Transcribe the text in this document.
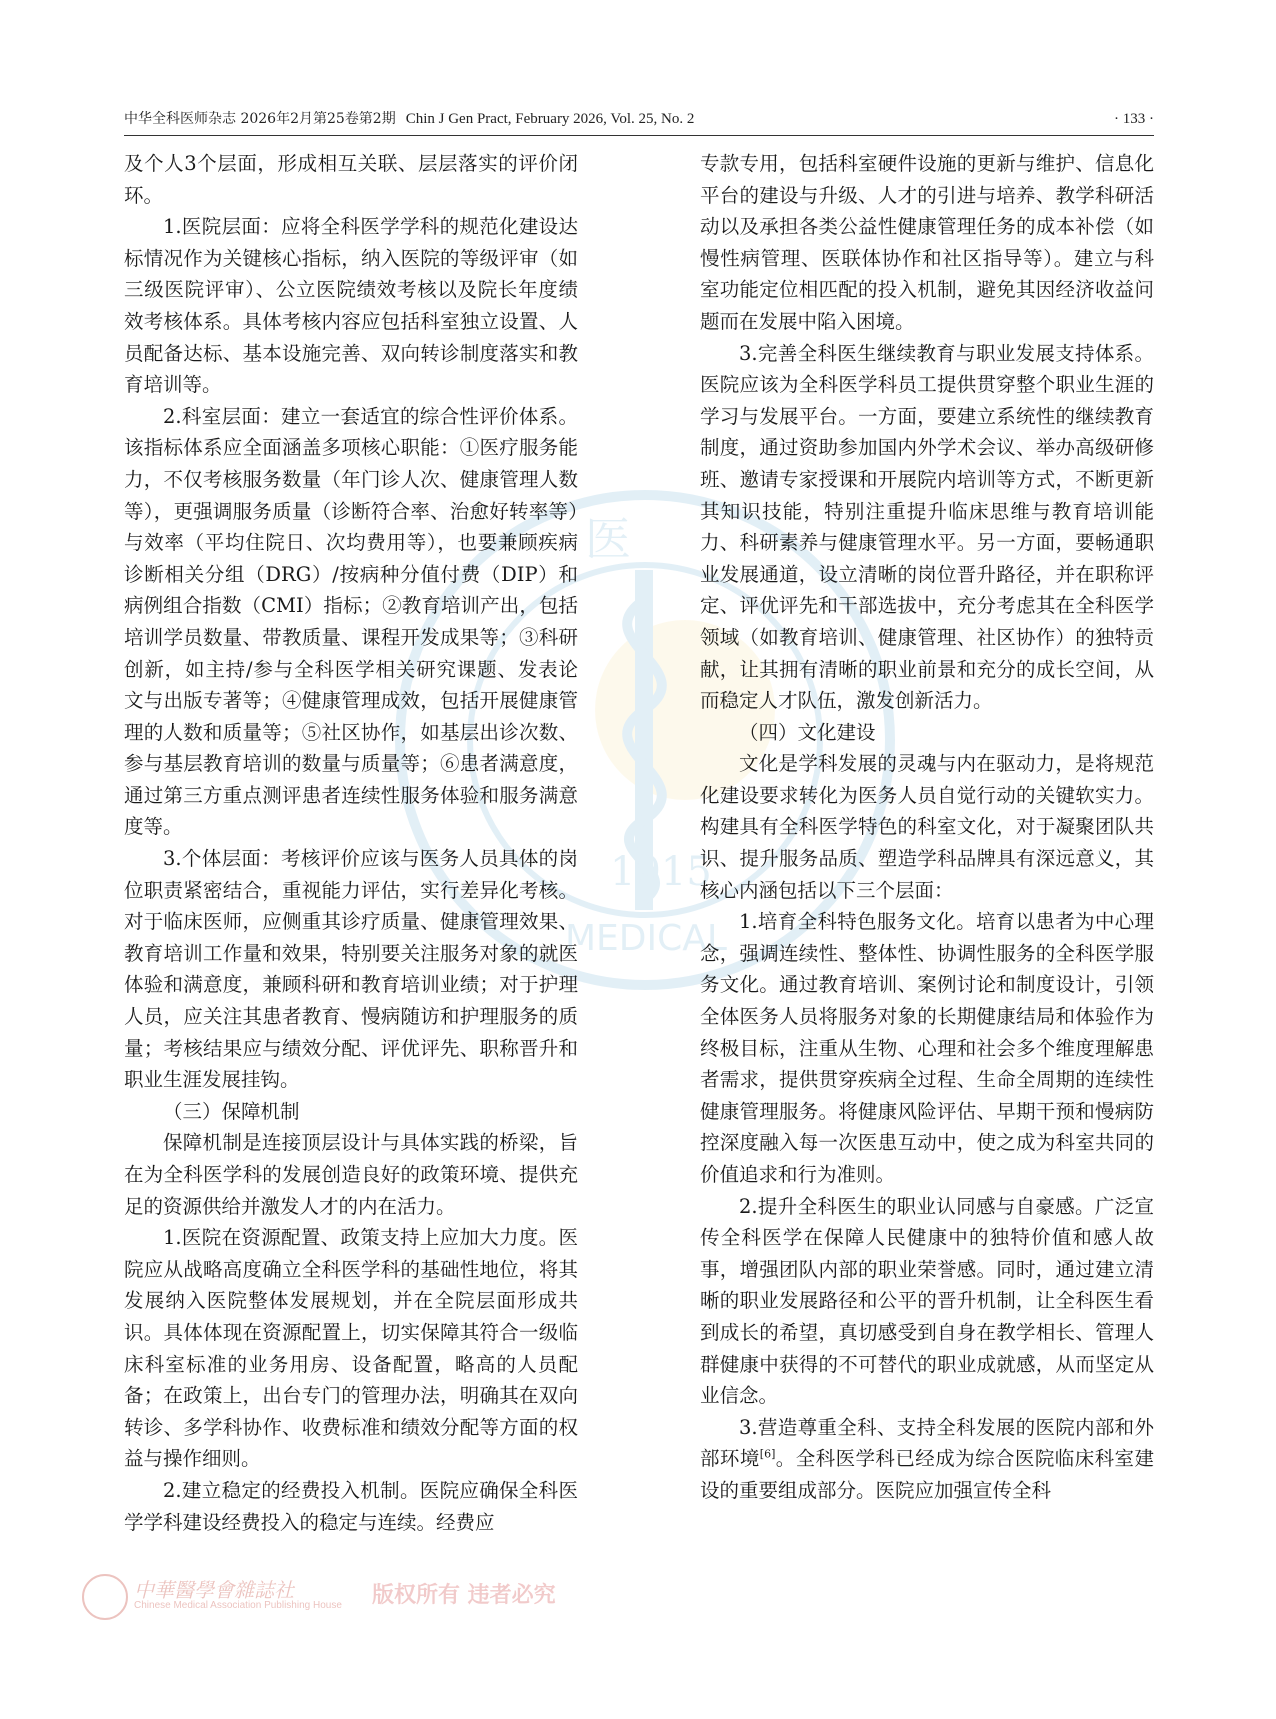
中华全科医师杂志 2026年2月第25卷第2期 Chin J Gen Pract, February 2026, Vol. 25, No. 2	· 133 ·
医
1915
MEDICAL

及个人3个层面，形成相互关联、层层落实的评价闭环。

1.医院层面：应将全科医学学科的规范化建设达标情况作为关键核心指标，纳入医院的等级评审（如三级医院评审）、公立医院绩效考核以及院长年度绩效考核体系。具体考核内容应包括科室独立设置、人员配备达标、基本设施完善、双向转诊制度落实和教育培训等。

2.科室层面：建立一套适宜的综合性评价体系。该指标体系应全面涵盖多项核心职能：①医疗服务能力，不仅考核服务数量（年门诊人次、健康管理人数等），更强调服务质量（诊断符合率、治愈好转率等）与效率（平均住院日、次均费用等），也要兼顾疾病诊断相关分组（DRG）/按病种分值付费（DIP）和病例组合指数（CMI）指标；②教育培训产出，包括培训学员数量、带教质量、课程开发成果等；③科研创新，如主持/参与全科医学相关研究课题、发表论文与出版专著等；④健康管理成效，包括开展健康管理的人数和质量等；⑤社区协作，如基层出诊次数、参与基层教育培训的数量与质量等；⑥患者满意度，通过第三方重点测评患者连续性服务体验和服务满意度等。

3.个体层面：考核评价应该与医务人员具体的岗位职责紧密结合，重视能力评估，实行差异化考核。对于临床医师，应侧重其诊疗质量、健康管理效果、教育培训工作量和效果，特别要关注服务对象的就医体验和满意度，兼顾科研和教育培训业绩；对于护理人员，应关注其患者教育、慢病随访和护理服务的质量；考核结果应与绩效分配、评优评先、职称晋升和职业生涯发展挂钩。

（三）保障机制

保障机制是连接顶层设计与具体实践的桥梁，旨在为全科医学科的发展创造良好的政策环境、提供充足的资源供给并激发人才的内在活力。

1.医院在资源配置、政策支持上应加大力度。医院应从战略高度确立全科医学科的基础性地位，将其发展纳入医院整体发展规划，并在全院层面形成共识。具体体现在资源配置上，切实保障其符合一级临床科室标准的业务用房、设备配置，略高的人员配备；在政策上，出台专门的管理办法，明确其在双向转诊、多学科协作、收费标准和绩效分配等方面的权益与操作细则。

2.建立稳定的经费投入机制。医院应确保全科医学学科建设经费投入的稳定与连续。经费应

专款专用，包括科室硬件设施的更新与维护、信息化平台的建设与升级、人才的引进与培养、教学科研活动以及承担各类公益性健康管理任务的成本补偿（如慢性病管理、医联体协作和社区指导等）。建立与科室功能定位相匹配的投入机制，避免其因经济收益问题而在发展中陷入困境。

3.完善全科医生继续教育与职业发展支持体系。医院应该为全科医学科员工提供贯穿整个职业生涯的学习与发展平台。一方面，要建立系统性的继续教育制度，通过资助参加国内外学术会议、举办高级研修班、邀请专家授课和开展院内培训等方式，不断更新其知识技能，特别注重提升临床思维与教育培训能力、科研素养与健康管理水平。另一方面，要畅通职业发展通道，设立清晰的岗位晋升路径，并在职称评定、评优评先和干部选拔中，充分考虑其在全科医学领域（如教育培训、健康管理、社区协作）的独特贡献，让其拥有清晰的职业前景和充分的成长空间，从而稳定人才队伍，激发创新活力。

（四）文化建设

文化是学科发展的灵魂与内在驱动力，是将规范化建设要求转化为医务人员自觉行动的关键软实力。构建具有全科医学特色的科室文化，对于凝聚团队共识、提升服务品质、塑造学科品牌具有深远意义，其核心内涵包括以下三个层面：

1.培育全科特色服务文化。培育以患者为中心理念，强调连续性、整体性、协调性服务的全科医学服务文化。通过教育培训、案例讨论和制度设计，引领全体医务人员将服务对象的长期健康结局和体验作为终极目标，注重从生物、心理和社会多个维度理解患者需求，提供贯穿疾病全过程、生命全周期的连续性健康管理服务。将健康风险评估、早期干预和慢病防控深度融入每一次医患互动中，使之成为科室共同的价值追求和行为准则。

2.提升全科医生的职业认同感与自豪感。广泛宣传全科医学在保障人民健康中的独特价值和感人故事，增强团队内部的职业荣誉感。同时，通过建立清晰的职业发展路径和公平的晋升机制，让全科医生看到成长的希望，真切感受到自身在教学相长、管理人群健康中获得的不可替代的职业成就感，从而坚定从业信念。

3.营造尊重全科、支持全科发展的医院内部和外部环境[6]。全科医学科已经成为综合医院临床科室建设的重要组成部分。医院应加强宣传全科

中華醫學會雜誌社
Chinese Medical Association Publishing House 版权所有 违者必究
